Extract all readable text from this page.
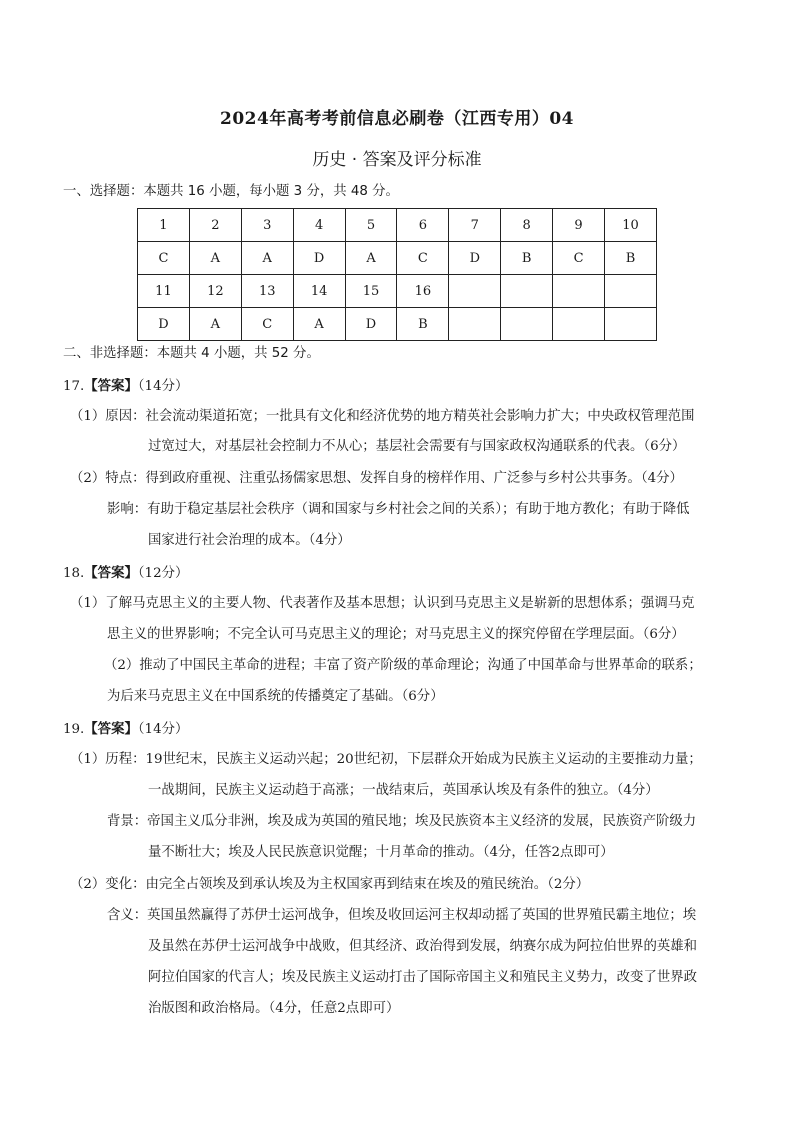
2024年高考考前信息必刷卷（江西专用）04
历史 · 答案及评分标准
一、选择题：本题共 16 小题，每小题 3 分，共 48 分。
1	2	3	4	5	6	7	8	9	10
C	A	A	D	A	C	D	B	C	B
11	12	13	14	15	16				
D	A	C	A	D	B				
二、非选择题：本题共 4 小题，共 52 分。
17.【答案】（14分）
（1）原因：社会流动渠道拓宽；一批具有文化和经济优势的地方精英社会影响力扩大；中央政权管理范围
过宽过大，对基层社会控制力不从心；基层社会需要有与国家政权沟通联系的代表。（6分）
（2）特点：得到政府重视、注重弘扬儒家思想、发挥自身的榜样作用、广泛参与乡村公共事务。（4分）
影响：有助于稳定基层社会秩序（调和国家与乡村社会之间的关系）；有助于地方教化；有助于降低
国家进行社会治理的成本。（4分）
18.【答案】（12分）
（1）了解马克思主义的主要人物、代表著作及基本思想；认识到马克思主义是崭新的思想体系；强调马克
思主义的世界影响；不完全认可马克思主义的理论；对马克思主义的探究停留在学理层面。（6分）
（2）推动了中国民主革命的进程；丰富了资产阶级的革命理论；沟通了中国革命与世界革命的联系；
为后来马克思主义在中国系统的传播奠定了基础。（6分）
19.【答案】（14分）
（1）历程：19世纪末，民族主义运动兴起；20世纪初，下层群众开始成为民族主义运动的主要推动力量；
一战期间，民族主义运动趋于高涨；一战结束后，英国承认埃及有条件的独立。（4分）
背景：帝国主义瓜分非洲，埃及成为英国的殖民地；埃及民族资本主义经济的发展，民族资产阶级力
量不断壮大；埃及人民民族意识觉醒；十月革命的推动。（4分，任答2点即可）
（2）变化：由完全占领埃及到承认埃及为主权国家再到结束在埃及的殖民统治。（2分）
含义：英国虽然赢得了苏伊士运河战争，但埃及收回运河主权却动摇了英国的世界殖民霸主地位；埃
及虽然在苏伊士运河战争中战败，但其经济、政治得到发展，纳赛尔成为阿拉伯世界的英雄和
阿拉伯国家的代言人；埃及民族主义运动打击了国际帝国主义和殖民主义势力，改变了世界政
治版图和政治格局。（4分，任意2点即可）
